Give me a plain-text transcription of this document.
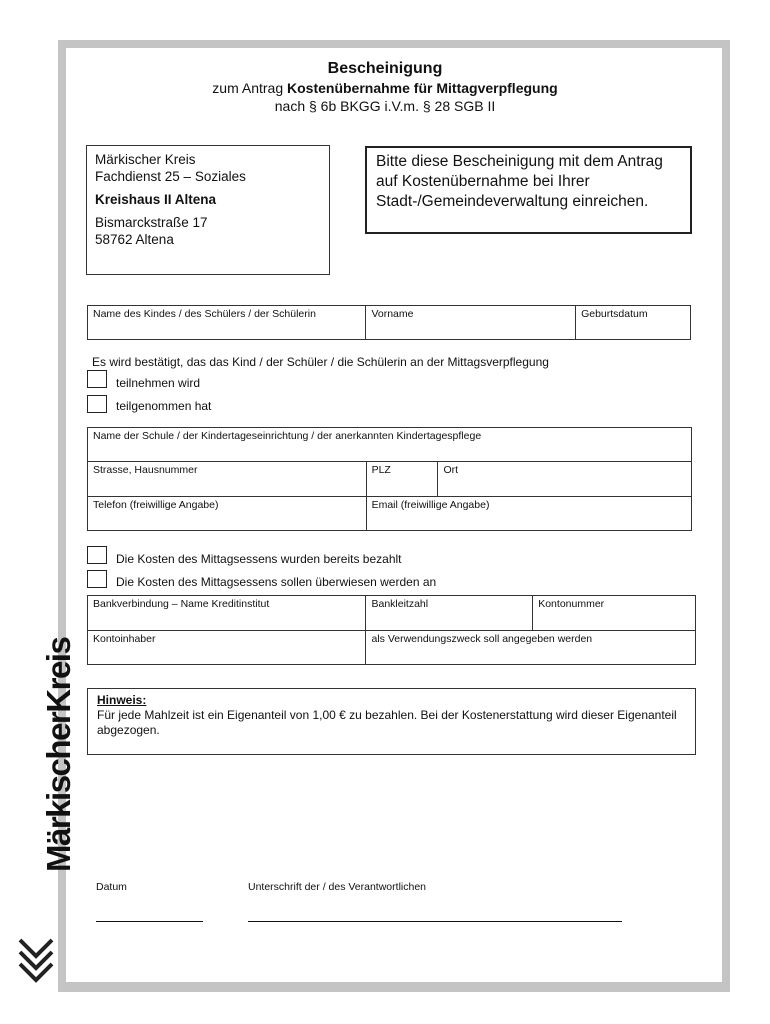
Bescheinigung
zum Antrag Kostenübernahme für Mittagverpflegung
nach § 6b BKGG i.V.m. § 28 SGB II
Märkischer Kreis
Fachdienst 25 – Soziales
Kreishaus II Altena
Bismarckstraße 17
58762 Altena
Bitte diese Bescheinigung mit dem Antrag auf Kostenübernahme bei Ihrer Stadt-/Gemeindeverwaltung einreichen.
Name des Kindes / des Schülers / der Schülerin	Vorname	Geburtsdatum
Es wird bestätigt, das das Kind / der Schüler / die Schülerin an der Mittagsverpflegung
teilnehmen wird
teilgenommen hat
Name der Schule / der Kindertageseinrichtung / der anerkannten Kindertagespflege		
Strasse, Hausnummer	PLZ	Ort
Telefon (freiwillige Angabe)	Email (freiwillige Angabe)	
Die Kosten des Mittagsessens wurden bereits bezahlt
Die Kosten des Mittagsessens sollen überwiesen werden an
Bankverbindung – Name Kreditinstitut	Bankleitzahl	Kontonummer
Kontoinhaber	als Verwendungszweck soll angegeben werden	
Hinweis:
Für jede Mahlzeit ist ein Eigenanteil von 1,00 € zu bezahlen. Bei der Kostenerstattung wird dieser Eigenanteil abgezogen.
Datum	Unterschrift der / des Verantwortlichen
MärkischerKreis
